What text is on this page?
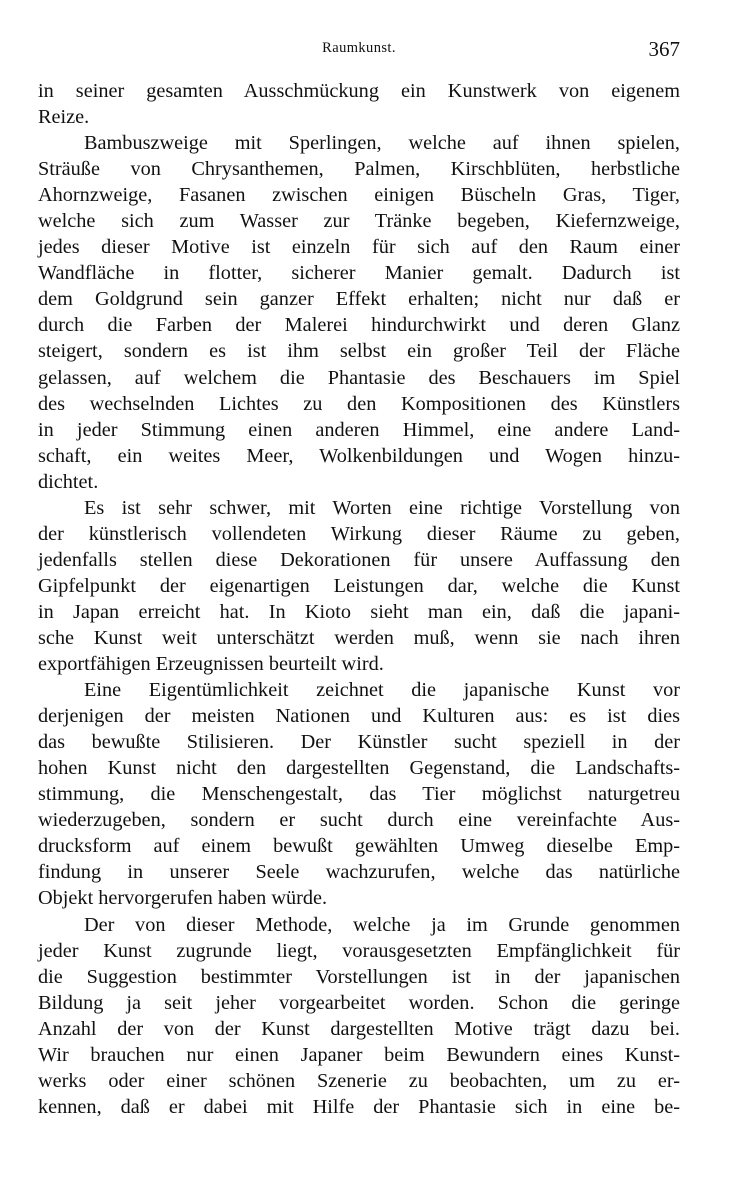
Raumkunst.	367

in seiner gesamten Ausschmückung ein Kunstwerk von eigenem
Reize.

Bambuszweige mit Sperlingen, welche auf ihnen spielen,
Sträuße von Chrysanthemen, Palmen, Kirschblüten, herbstliche
Ahornzweige, Fasanen zwischen einigen Büscheln Gras, Tiger,
welche sich zum Wasser zur Tränke begeben, Kiefernzweige,
jedes dieser Motive ist einzeln für sich auf den Raum einer
Wandfläche in flotter, sicherer Manier gemalt. Dadurch ist
dem Goldgrund sein ganzer Effekt erhalten; nicht nur daß er
durch die Farben der Malerei hindurchwirkt und deren Glanz
steigert, sondern es ist ihm selbst ein großer Teil der Fläche
gelassen, auf welchem die Phantasie des Beschauers im Spiel
des wechselnden Lichtes zu den Kompositionen des Künstlers
in jeder Stimmung einen anderen Himmel, eine andere Land-
schaft, ein weites Meer, Wolkenbildungen und Wogen hinzu-
dichtet.

Es ist sehr schwer, mit Worten eine richtige Vorstellung von
der künstlerisch vollendeten Wirkung dieser Räume zu geben,
jedenfalls stellen diese Dekorationen für unsere Auffassung den
Gipfelpunkt der eigenartigen Leistungen dar, welche die Kunst
in Japan erreicht hat. In Kioto sieht man ein, daß die japani-
sche Kunst weit unterschätzt werden muß, wenn sie nach ihren
exportfähigen Erzeugnissen beurteilt wird.

Eine Eigentümlichkeit zeichnet die japanische Kunst vor
derjenigen der meisten Nationen und Kulturen aus: es ist dies
das bewußte Stilisieren. Der Künstler sucht speziell in der
hohen Kunst nicht den dargestellten Gegenstand, die Landschafts-
stimmung, die Menschengestalt, das Tier möglichst naturgetreu
wiederzugeben, sondern er sucht durch eine vereinfachte Aus-
drucksform auf einem bewußt gewählten Umweg dieselbe Emp-
findung in unserer Seele wachzurufen, welche das natürliche
Objekt hervorgerufen haben würde.

Der von dieser Methode, welche ja im Grunde genommen
jeder Kunst zugrunde liegt, vorausgesetzten Empfänglichkeit für
die Suggestion bestimmter Vorstellungen ist in der japanischen
Bildung ja seit jeher vorgearbeitet worden. Schon die geringe
Anzahl der von der Kunst dargestellten Motive trägt dazu bei.
Wir brauchen nur einen Japaner beim Bewundern eines Kunst-
werks oder einer schönen Szenerie zu beobachten, um zu er-
kennen, daß er dabei mit Hilfe der Phantasie sich in eine be-
